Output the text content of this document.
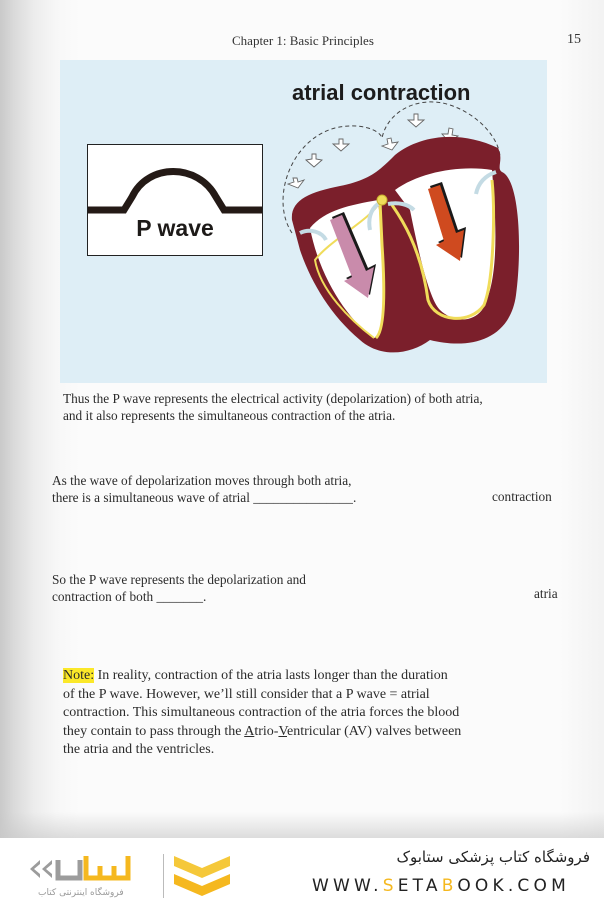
Chapter 1: Basic Principles	15
atrial contraction
P wave
Thus the P wave represents the electrical activity (depolarization) of both atria,
and it also represents the simultaneous contraction of the atria.
As the wave of depolarization moves through both atria,
there is a simultaneous wave of atrial _______________.	contraction
So the P wave represents the depolarization and
contraction of both _______.	atria
Note: In reality, contraction of the atria lasts longer than the duration
of the P wave. However, we’ll still consider that a P wave = atrial
contraction. This simultaneous contraction of the atria forces the blood
they contain to pass through the Atrio-Ventricular (AV) valves between
the atria and the ventricles.
فروشگاه اینترنتی کتاب
فروشگاه کتاب پزشکی ستابوک
WWW.SETABOOK.COM
